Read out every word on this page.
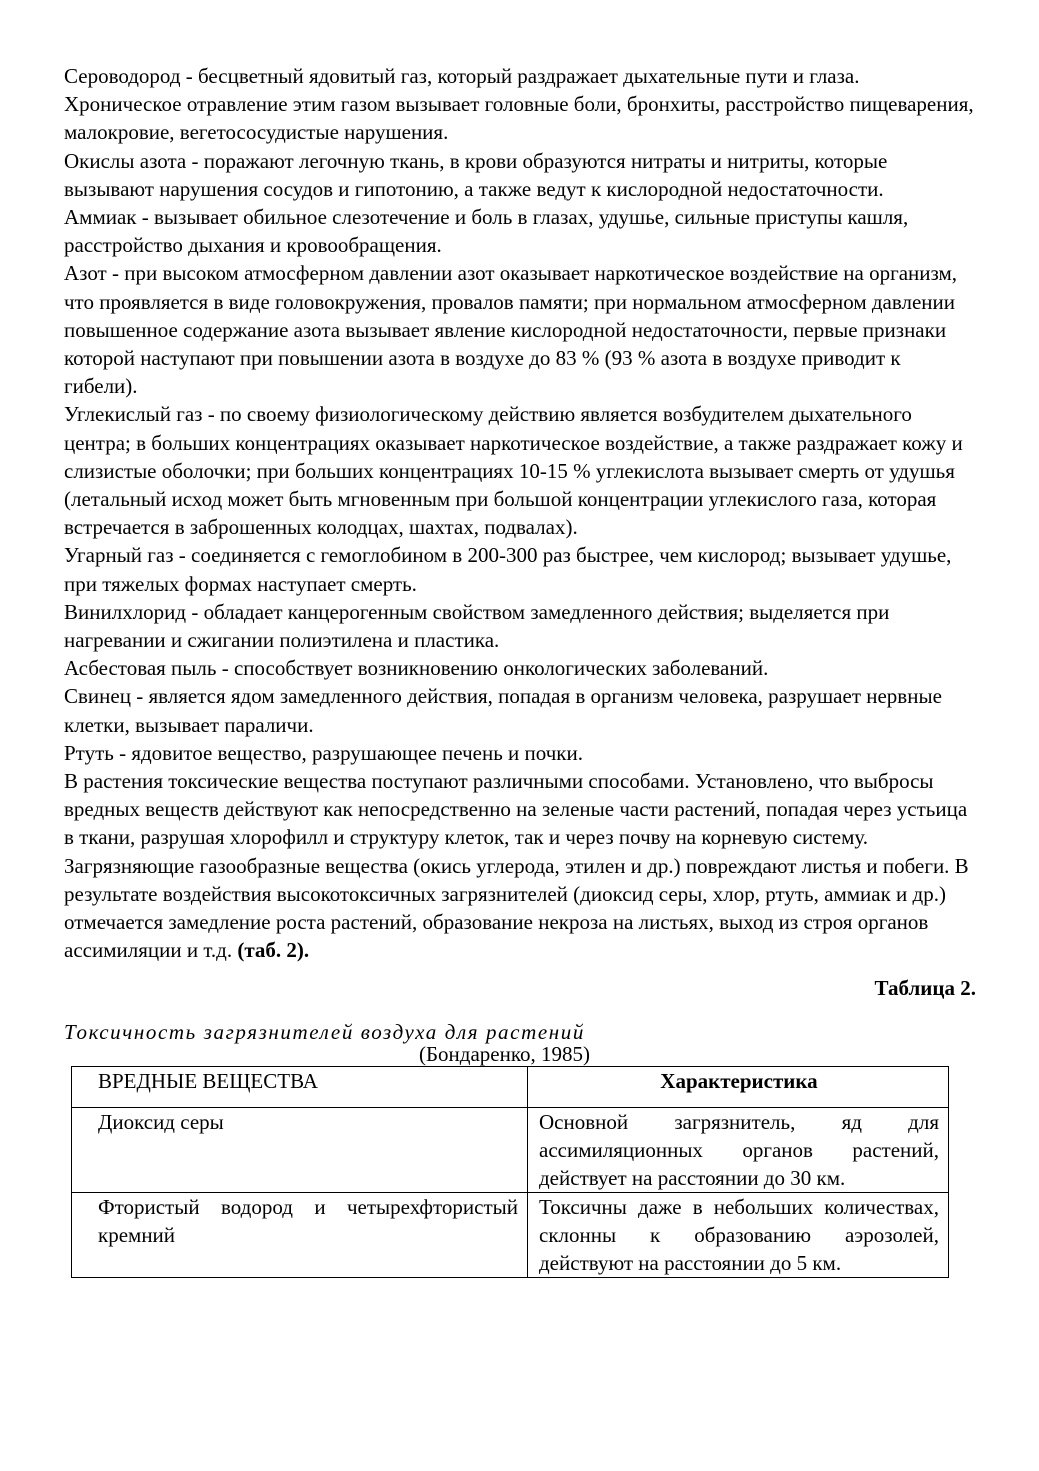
Сероводород - бесцветный ядовитый газ, который раздражает дыхательные пути и глаза. Хроническое отравление этим газом вызывает головные боли, бронхиты, расстройство пищеварения, малокровие, вегетососудистые нарушения.

Окислы азота - поражают легочную ткань, в крови образуются нитраты и нитриты, которые вызывают нарушения сосудов и гипотонию, а также ведут к кислородной недостаточности.

Аммиак - вызывает обильное слезотечение и боль в глазах, удушье, сильные приступы кашля, расстройство дыхания и кровообращения.

Азот - при высоком атмосферном давлении азот оказывает наркотическое воздействие на организм, что проявляется в виде головокружения, провалов памяти; при нормальном атмосферном давлении повышенное содержание азота вызывает явление кислородной недостаточности, первые признаки которой наступают при повышении азота в воздухе до 83 % (93 % азота в воздухе приводит к гибели).

Углекислый газ - по своему физиологическому действию является возбудителем дыхательного центра; в больших концентрациях оказывает наркотическое воздействие, а также раздражает кожу и слизистые оболочки; при больших концентрациях 10-15 % углекислота вызывает смерть от удушья (летальный исход может быть мгновенным при большой концентрации углекислого газа, которая встречается в заброшенных колодцах, шахтах, подвалах).

Угарный газ - соединяется с гемоглобином в 200-300 раз быстрее, чем кислород; вызывает удушье, при тяжелых формах наступает смерть.

Винилхлорид - обладает канцерогенным свойством замедленного действия; выделяется при нагревании и сжигании полиэтилена и пластика.

Асбестовая пыль - способствует возникновению онкологических заболеваний.

Свинец - является ядом замедленного действия, попадая в организм человека, разрушает нервные клетки, вызывает параличи.

Ртуть - ядовитое вещество, разрушающее печень и почки.

В растения токсические вещества поступают различными способами. Установлено, что выбросы вредных веществ действуют как непосредственно на зеленые части растений, попадая через устьица в ткани, разрушая хлорофилл и структуру клеток, так и через почву на корневую систему. Загрязняющие газообразные вещества (окись углерода, этилен и др.) повреждают листья и побеги. В результате воздействия высокотоксичных загрязнителей (диоксид серы, хлор, ртуть, аммиак и др.) отмечается замедление роста растений, образование некроза на листьях, выход из строя органов ассимиляции и т.д. (таб. 2).

Таблица 2.
Токсичность загрязнителей воздуха для растений
(Бондаренко, 1985)
ВРЕДНЫЕ ВЕЩЕСТВА	Характеристика
Диоксид серы	Основной загрязнитель, яд для ассимиляционных органов растений, действует на расстоянии до 30 км.
Фтористый водород и четырехфтористый кремний	Токсичны даже в небольших количествах, склонны к образованию аэрозолей, действуют на расстоянии до 5 км.
